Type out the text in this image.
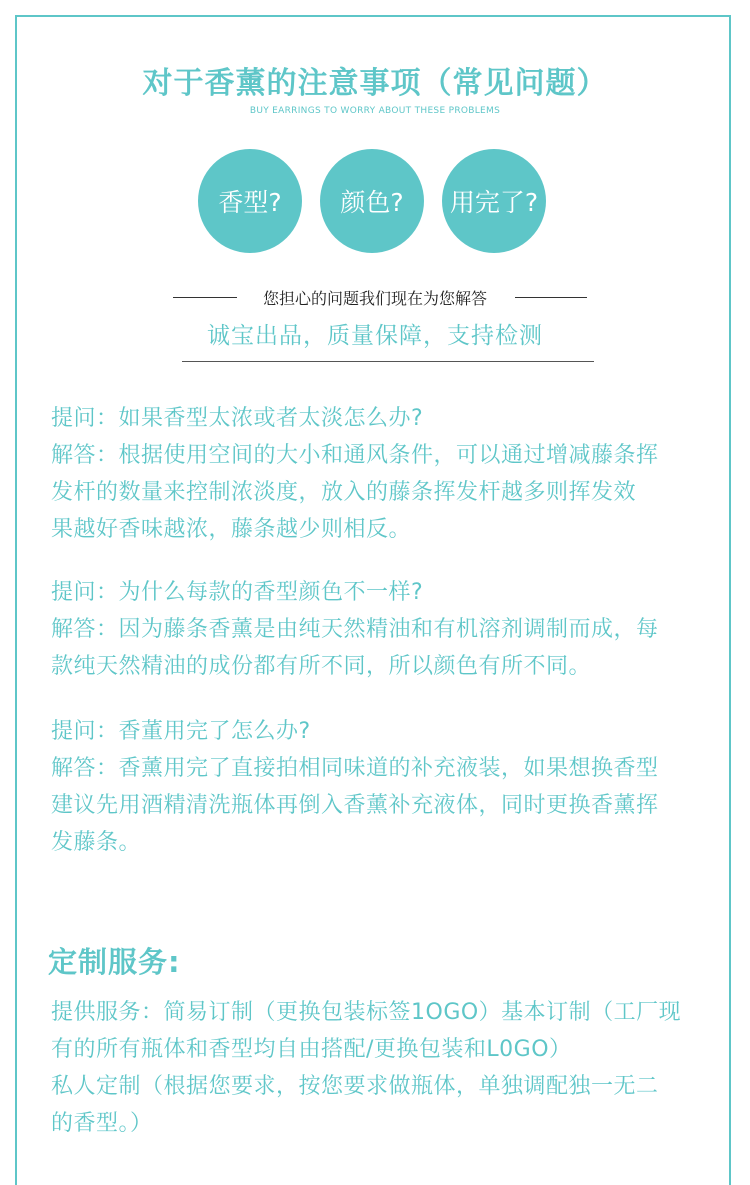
对于香薰的注意事项（常见问题）
BUY EARRINGS TO WORRY ABOUT THESE PROBLEMS
香型?	颜色?	用完了?
您担心的问题我们现在为您解答
诚宝出品，质量保障，支持检测
提问：如果香型太浓或者太淡怎么办?
解答：根据使用空间的大小和通风条件，可以通过增减藤条挥
发杆的数量来控制浓淡度，放入的藤条挥发杆越多则挥发效
果越好香味越浓，藤条越少则相反。
提问：为什么每款的香型颜色不一样?
解答：因为藤条香薰是由纯天然精油和有机溶剂调制而成，每
款纯天然精油的成份都有所不同，所以颜色有所不同。
提问：香董用完了怎么办?
解答：香薰用完了直接拍相同味道的补充液装，如果想换香型
建议先用酒精清洗瓶体再倒入香薰补充液体，同时更换香薰挥
发藤条。
定制服务:
提供服务：简易订制（更换包装标签1OGO）基本订制（工厂现
有的所有瓶体和香型均自由搭配/更换包装和L0GO）
私人定制（根据您要求，按您要求做瓶体，单独调配独一无二
的香型。）
